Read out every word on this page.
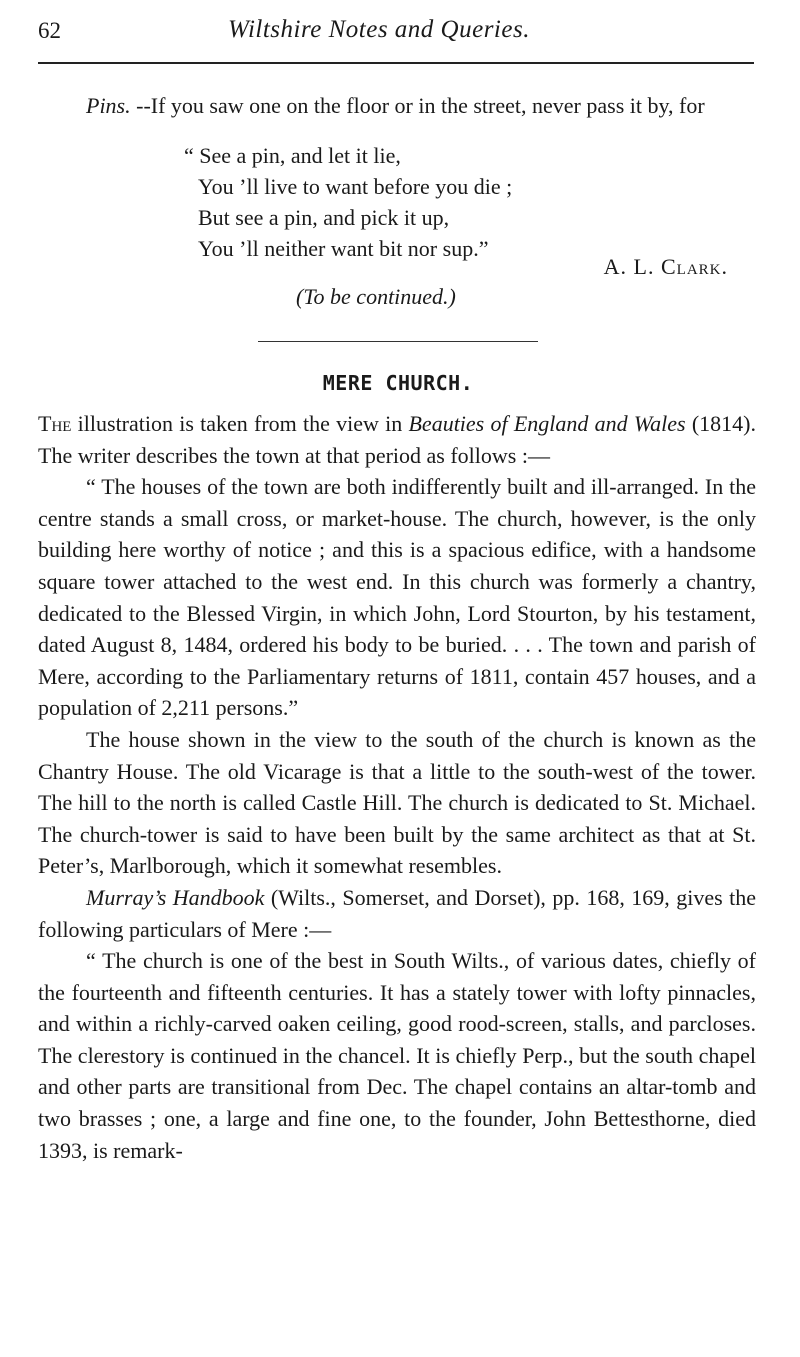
62	Wiltshire Notes and Queries.

Pins. --If you saw one on the floor or in the street, never pass it by, for

“ See a pin, and let it lie,
You ’ll live to want before you die ;
But see a pin, and pick it up,
You ’ll neither want bit nor sup.”
A. L. Clark.
(To be continued.)
MERE CHURCH.

The illustration is taken from the view in Beauties of England and Wales (1814). The writer describes the town at that period as follows :—

“ The houses of the town are both indifferently built and ill-arranged. In the centre stands a small cross, or market-house. The church, however, is the only building here worthy of notice ; and this is a spacious edifice, with a handsome square tower attached to the west end. In this church was formerly a chantry, dedicated to the Blessed Virgin, in which John, Lord Stourton, by his testament, dated August 8, 1484, ordered his body to be buried. . . . The town and parish of Mere, according to the Parliamentary returns of 1811, contain 457 houses, and a population of 2,211 persons.”

The house shown in the view to the south of the church is known as the Chantry House. The old Vicarage is that a little to the south-west of the tower. The hill to the north is called Castle Hill. The church is dedicated to St. Michael. The church-tower is said to have been built by the same architect as that at St. Peter’s, Marlborough, which it somewhat resembles.

Murray’s Handbook (Wilts., Somerset, and Dorset), pp. 168, 169, gives the following particulars of Mere :—

“ The church is one of the best in South Wilts., of various dates, chiefly of the fourteenth and fifteenth centuries. It has a stately tower with lofty pinnacles, and within a richly-carved oaken ceiling, good rood-screen, stalls, and parcloses. The clerestory is continued in the chancel. It is chiefly Perp., but the south chapel and other parts are transitional from Dec. The chapel contains an altar-tomb and two brasses ; one, a large and fine one, to the founder, John Bettesthorne, died 1393, is remark-
